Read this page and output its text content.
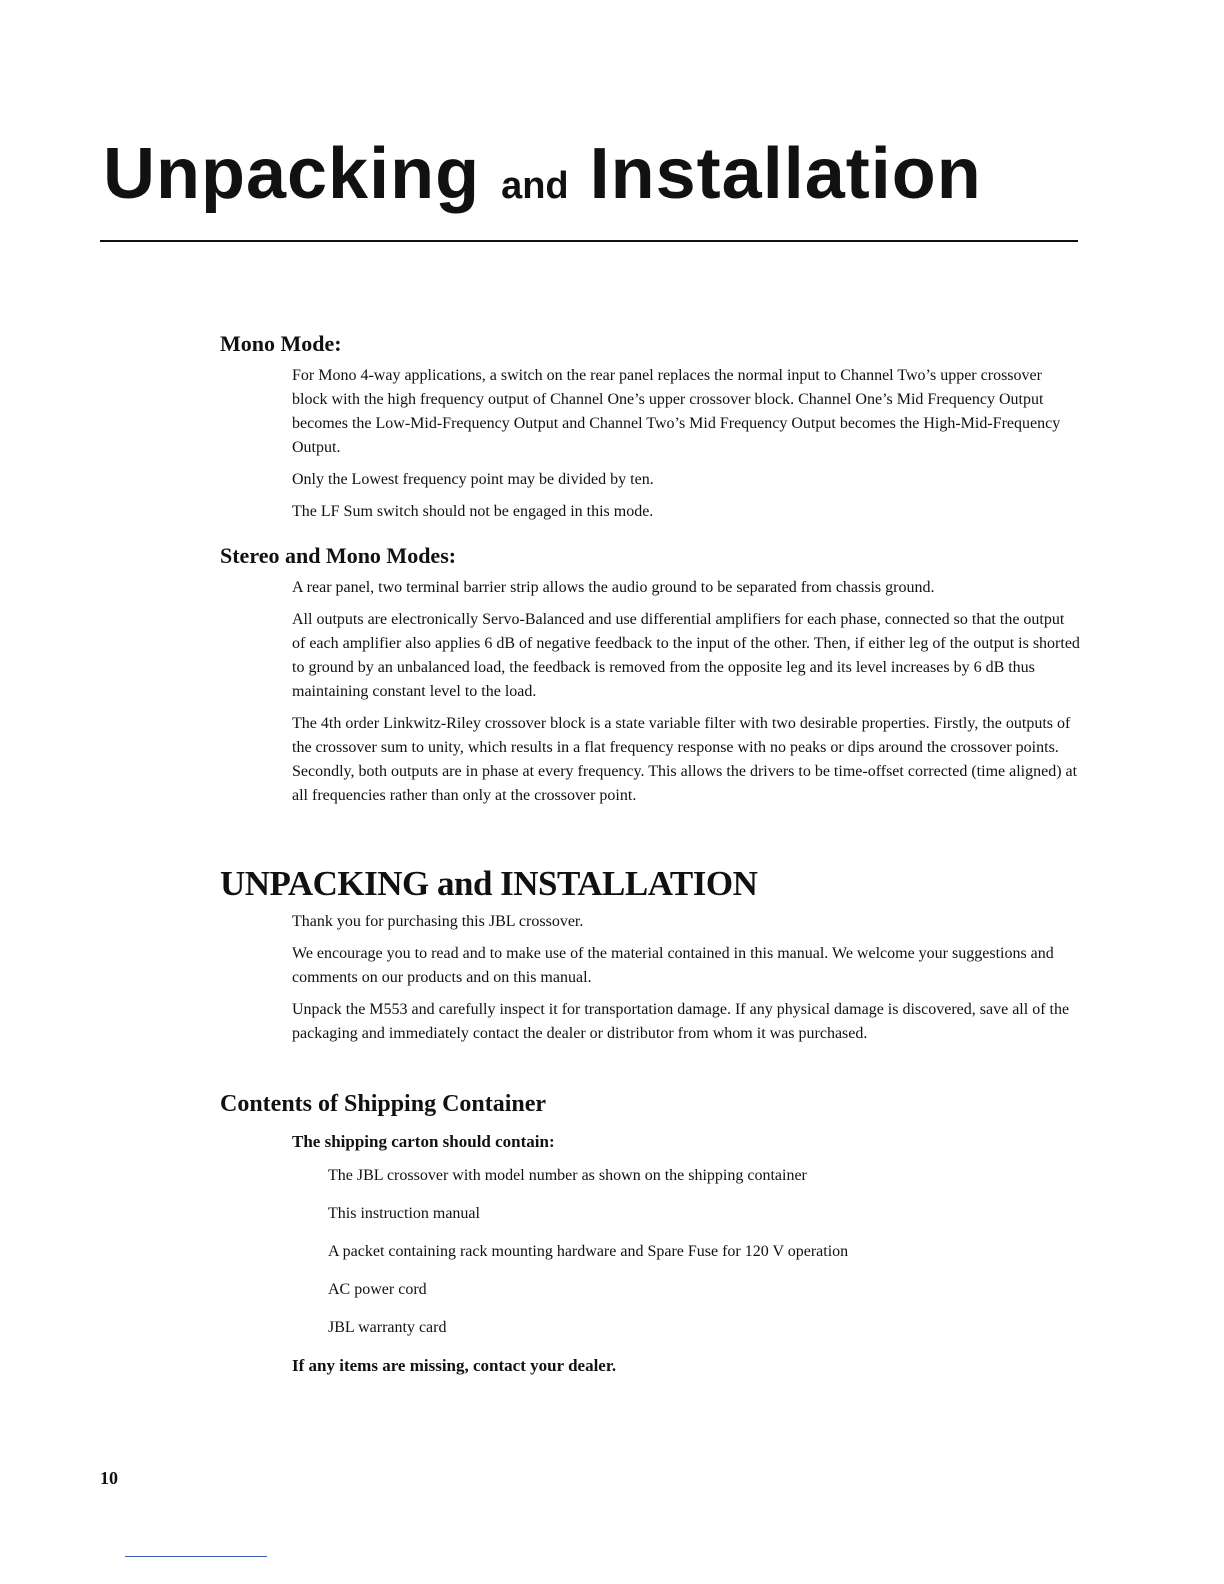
Unpacking and Installation
Mono Mode:

For Mono 4-way applications, a switch on the rear panel replaces the normal input to Channel Two’s upper crossover block with the high frequency output of Channel One’s upper crossover block. Channel One’s Mid Frequency Output becomes the Low-Mid-Frequency Output and Channel Two’s Mid Frequency Output becomes the High-Mid-Frequency Output.

Only the Lowest frequency point may be divided by ten.

The LF Sum switch should not be engaged in this mode.

Stereo and Mono Modes:

A rear panel, two terminal barrier strip allows the audio ground to be separated from chassis ground.

All outputs are electronically Servo-Balanced and use differential amplifiers for each phase, connected so that the output of each amplifier also applies 6 dB of negative feedback to the input of the other. Then, if either leg of the output is shorted to ground by an unbalanced load, the feedback is removed from the opposite leg and its level increases by 6 dB thus maintaining constant level to the load.

The 4th order Linkwitz-Riley crossover block is a state variable filter with two desirable properties. Firstly, the outputs of the crossover sum to unity, which results in a flat frequency response with no peaks or dips around the crossover points. Secondly, both outputs are in phase at every frequency. This allows the drivers to be time-offset corrected (time aligned) at all frequencies rather than only at the crossover point.

UNPACKING and INSTALLATION

Thank you for purchasing this JBL crossover.

We encourage you to read and to make use of the material contained in this manual. We welcome your suggestions and comments on our products and on this manual.

Unpack the M553 and carefully inspect it for transportation damage. If any physical damage is discovered, save all of the packaging and immediately contact the dealer or distributor from whom it was purchased.

Contents of Shipping Container

The shipping carton should contain:

The JBL crossover with model number as shown on the shipping container
This instruction manual
A packet containing rack mounting hardware and Spare Fuse for 120 V operation
AC power cord
JBL warranty card

If any items are missing, contact your dealer.

10
